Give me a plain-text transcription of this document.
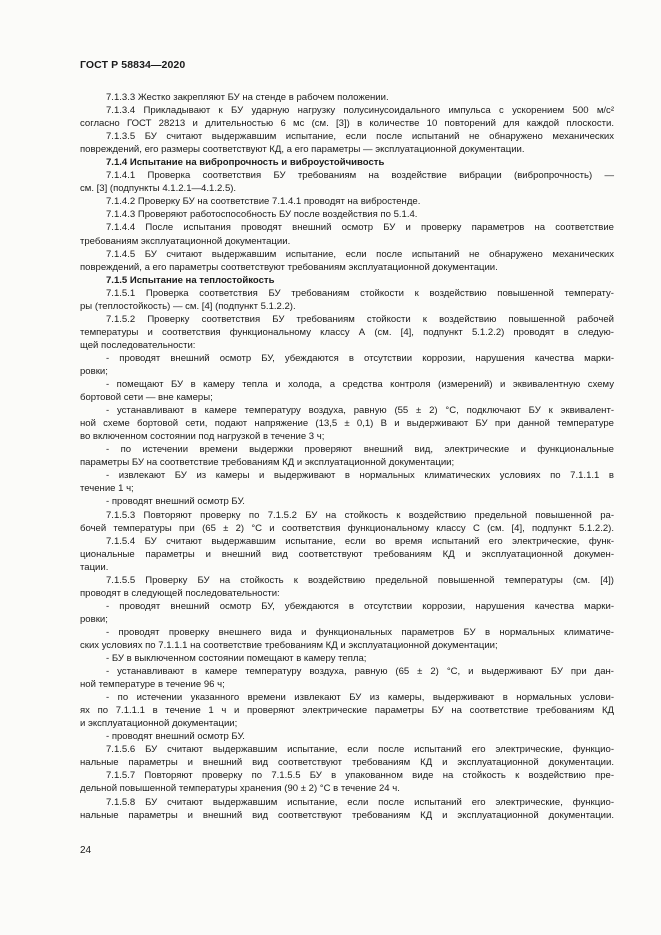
ГОСТ Р 58834—2020
7.1.3.3 Жестко закрепляют БУ на стенде в рабочем положении.
7.1.3.4 Прикладывают к БУ ударную нагрузку полусинусоидального импульса с ускорением 500 м/с²
согласно ГОСТ 28213 и длительностью 6 мс (см. [3]) в количестве 10 повторений для каждой плоскости.
7.1.3.5 БУ считают выдержавшим испытание, если после испытаний не обнаружено механических
повреждений, его размеры соответствуют КД, а его параметры — эксплуатационной документации.
7.1.4 Испытание на вибропрочность и виброустойчивость
7.1.4.1 Проверка соответствия БУ требованиям на воздействие вибрации (вибропрочность) —
см. [3] (подпункты 4.1.2.1—4.1.2.5).
7.1.4.2 Проверку БУ на соответствие 7.1.4.1 проводят на вибростенде.
7.1.4.3 Проверяют работоспособность БУ после воздействия по 5.1.4.
7.1.4.4 После испытания проводят внешний осмотр БУ и проверку параметров на соответствие
требованиям эксплуатационной документации.
7.1.4.5 БУ считают выдержавшим испытание, если после испытаний не обнаружено механических
повреждений, а его параметры соответствуют требованиям эксплуатационной документации.
7.1.5 Испытание на теплостойкость
7.1.5.1 Проверка соответствия БУ требованиям стойкости к воздействию повышенной температу-
ры (теплостойкость) — см. [4] (подпункт 5.1.2.2).
7.1.5.2 Проверку соответствия БУ требованиям стойкости к воздействию повышенной рабочей
температуры и соответствия функциональному классу А (см. [4], подпункт 5.1.2.2) проводят в следую-
щей последовательности:
- проводят внешний осмотр БУ, убеждаются в отсутствии коррозии, нарушения качества марки-
ровки;
- помещают БУ в камеру тепла и холода, а средства контроля (измерений) и эквивалентную схему
бортовой сети — вне камеры;
- устанавливают в камере температуру воздуха, равную (55 ± 2) °С, подключают БУ к эквивалент-
ной схеме бортовой сети, подают напряжение (13,5 ± 0,1) В и выдерживают БУ при данной температуре
во включенном состоянии под нагрузкой в течение 3 ч;
- по истечении времени выдержки проверяют внешний вид, электрические и функциональные
параметры БУ на соответствие требованиям КД и эксплуатационной документации;
- извлекают БУ из камеры и выдерживают в нормальных климатических условиях по 7.1.1.1 в
течение 1 ч;
- проводят внешний осмотр БУ.
7.1.5.3 Повторяют проверку по 7.1.5.2 БУ на стойкость к воздействию предельной повышенной ра-
бочей температуры при (65 ± 2) °С и соответствия функциональному классу С (см. [4], подпункт 5.1.2.2).
7.1.5.4 БУ считают выдержавшим испытание, если во время испытаний его электрические, функ-
циональные параметры и внешний вид соответствуют требованиям КД и эксплуатационной докумен-
тации.
7.1.5.5 Проверку БУ на стойкость к воздействию предельной повышенной температуры (см. [4])
проводят в следующей последовательности:
- проводят внешний осмотр БУ, убеждаются в отсутствии коррозии, нарушения качества марки-
ровки;
- проводят проверку внешнего вида и функциональных параметров БУ в нормальных климатиче-
ских условиях по 7.1.1.1 на соответствие требованиям КД и эксплуатационной документации;
- БУ в выключенном состоянии помещают в камеру тепла;
- устанавливают в камере температуру воздуха, равную (65 ± 2) °С, и выдерживают БУ при дан-
ной температуре в течение 96 ч;
- по истечении указанного времени извлекают БУ из камеры, выдерживают в нормальных услови-
ях по 7.1.1.1 в течение 1 ч и проверяют электрические параметры БУ на соответствие требованиям КД
и эксплуатационной документации;
- проводят внешний осмотр БУ.
7.1.5.6 БУ считают выдержавшим испытание, если после испытаний его электрические, функцио-
нальные параметры и внешний вид соответствуют требованиям КД и эксплуатационной документации.
7.1.5.7 Повторяют проверку по 7.1.5.5 БУ в упакованном виде на стойкость к воздействию пре-
дельной повышенной температуры хранения (90 ± 2) °С в течение 24 ч.
7.1.5.8 БУ считают выдержавшим испытание, если после испытаний его электрические, функцио-
нальные параметры и внешний вид соответствуют требованиям КД и эксплуатационной документации.
24
